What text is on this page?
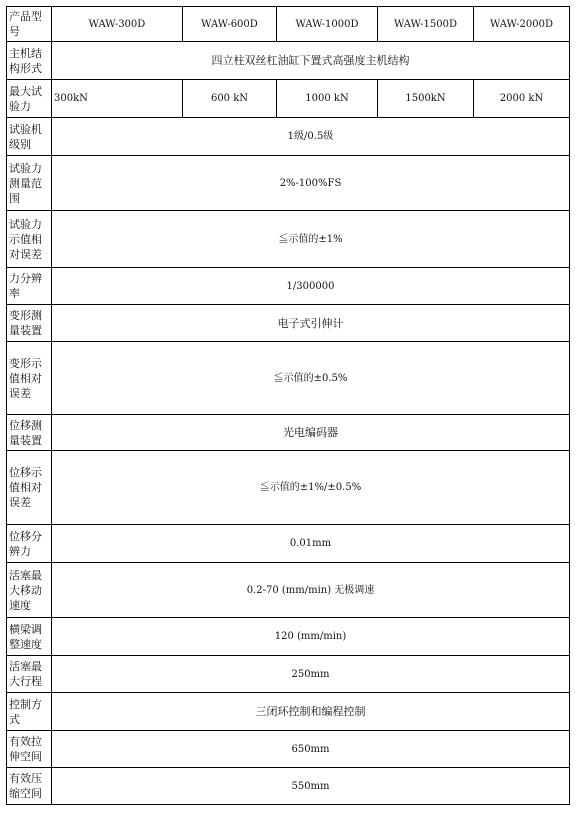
产品型号	WAW-300D	WAW-600D	WAW-1000D	WAW-1500D	WAW-2000D
主机结构形式	四立柱双丝杠油缸下置式高强度主机结构				
最大试验力	300kN	600 kN	1000 kN	1500kN	2000 kN
试验机级别	1级/0.5级				
试验力测量范围	2%-100%FS				
试验力示值相对误差	≦示值的±1%				
力分辨率	1/300000				
变形测量装置	电子式引伸计				
变形示值相对误差	≦示值的±0.5%				
位移测量装置	光电编码器				
位移示值相对误差	≦示值的±1%/±0.5%				
位移分辨力	0.01mm				
活塞最大移动速度	0.2-70 (mm/min) 无极调速				
横梁调整速度	120 (mm/min)				
活塞最大行程	250mm				
控制方式	三闭环控制和编程控制				
有效拉伸空间	650mm				
有效压缩空间	550mm				
